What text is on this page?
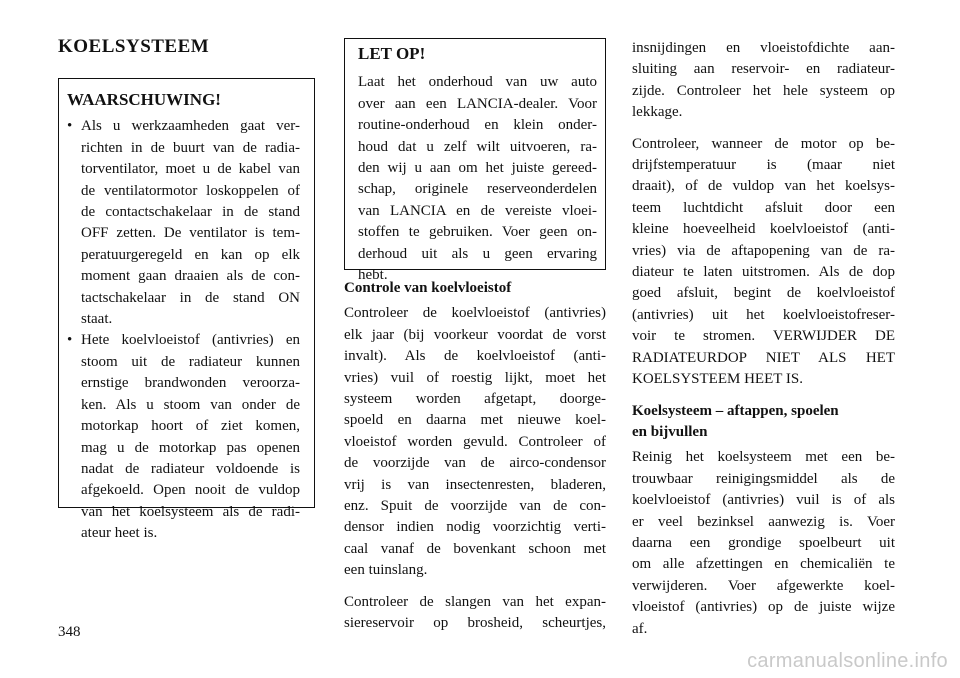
KOELSYSTEEM
WAARSCHUWING!
• Als u werkzaamheden gaat ver-
richten in de buurt van de radia-
torventilator, moet u de kabel van
de ventilatormotor loskoppelen of
de contactschakelaar in de stand
OFF zetten. De ventilator is tem-
peratuurgeregeld en kan op elk
moment gaan draaien als de con-
tactschakelaar in de stand ON
staat.
• Hete koelvloeistof (antivries) en
stoom uit de radiateur kunnen
ernstige brandwonden veroorza-
ken. Als u stoom van onder de
motorkap hoort of ziet komen,
mag u de motorkap pas openen
nadat de radiateur voldoende is
afgekoeld. Open nooit de vuldop
van het koelsysteem als de radi-
ateur heet is.
LET OP!

Laat het onderhoud van uw auto

over aan een LANCIA-dealer. Voor

routine-onderhoud en klein onder-

houd dat u zelf wilt uitvoeren, ra-

den wij u aan om het juiste gereed-

schap, originele reserveonderdelen

van LANCIA en de vereiste vloei-

stoffen te gebruiken. Voer geen on-

derhoud uit als u geen ervaring

hebt.

Controle van koelvloeistof

Controleer de koelvloeistof (antivries)

elk jaar (bij voorkeur voordat de vorst

invalt). Als de koelvloeistof (anti-

vries) vuil of roestig lijkt, moet het

systeem worden afgetapt, doorge-

spoeld en daarna met nieuwe koel-

vloeistof worden gevuld. Controleer of

de voorzijde van de airco-condensor

vrij is van insectenresten, bladeren,

enz. Spuit de voorzijde van de con-

densor indien nodig voorzichtig verti-

caal vanaf de bovenkant schoon met

een tuinslang.

Controleer de slangen van het expan-

siereservoir op brosheid, scheurtjes,

insnijdingen en vloeistofdichte aan-

sluiting aan reservoir- en radiateur-

zijde. Controleer het hele systeem op

lekkage.

Controleer, wanneer de motor op be-

drijfstemperatuur is (maar niet

draait), of de vuldop van het koelsys-

teem luchtdicht afsluit door een

kleine hoeveelheid koelvloeistof (anti-

vries) via de aftapopening van de ra-

diateur te laten uitstromen. Als de dop

goed afsluit, begint de koelvloeistof

(antivries) uit het koelvloeistofreser-

voir te stromen. VERWIJDER DE

RADIATEURDOP NIET ALS HET

KOELSYSTEEM HEET IS.

Koelsysteem – aftappen, spoelen
en bijvullen

Reinig het koelsysteem met een be-

trouwbaar reinigingsmiddel als de

koelvloeistof (antivries) vuil is of als

er veel bezinksel aanwezig is. Voer

daarna een grondige spoelbeurt uit

om alle afzettingen en chemicaliën te

verwijderen. Voer afgewerkte koel-

vloeistof (antivries) op de juiste wijze

af.

348
carmanualsonline.info
